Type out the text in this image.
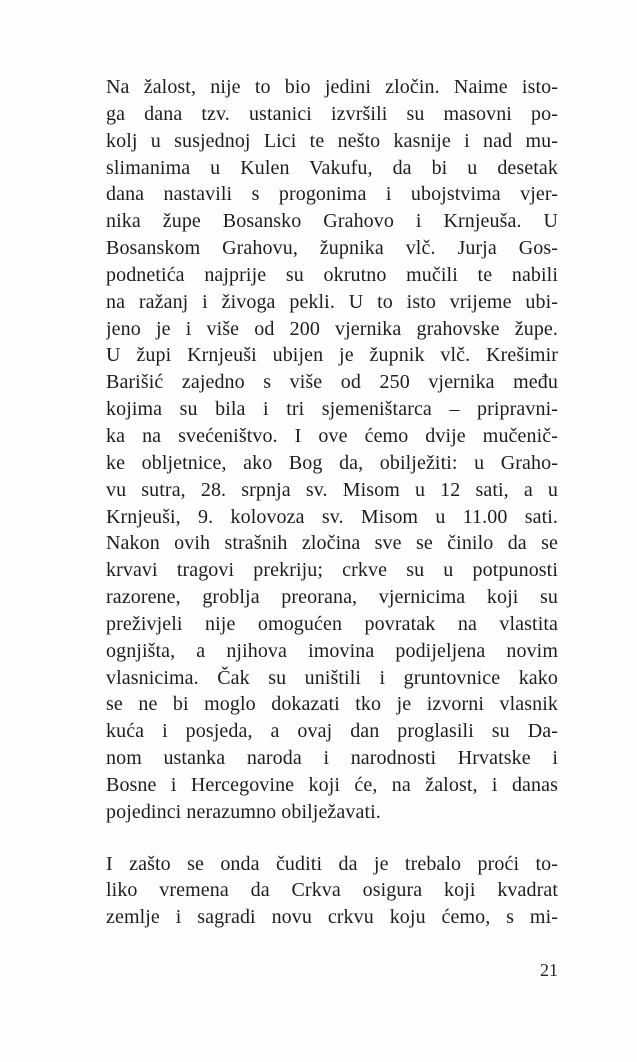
Na žalost, nije to bio jedini zločin. Naime isto-
ga dana tzv. ustanici izvršili su masovni po-
kolj u susjednoj Lici te nešto kasnije i nad mu-
slimanima u Kulen Vakufu, da bi u desetak
dana nastavili s progonima i ubojstvima vjer-
nika župe Bosansko Grahovo i Krnjeuša. U
Bosanskom Grahovu, župnika vlč. Jurja Gos-
podnetića najprije su okrutno mučili te nabili
na ražanj i živoga pekli. U to isto vrijeme ubi-
jeno je i više od 200 vjernika grahovske župe.
U župi Krnjeuši ubijen je župnik vlč. Krešimir
Barišić zajedno s više od 250 vjernika među
kojima su bila i tri sjemeništarca – pripravni-
ka na svećeništvo. I ove ćemo dvije mučenič-
ke obljetnice, ako Bog da, obilježiti: u Graho-
vu sutra, 28. srpnja sv. Misom u 12 sati, a u
Krnjeuši, 9. kolovoza sv. Misom u 11.00 sati.
Nakon ovih strašnih zločina sve se činilo da se
krvavi tragovi prekriju; crkve su u potpunosti
razorene, groblja preorana, vjernicima koji su
preživjeli nije omogućen povratak na vlastita
ognjišta, a njihova imovina podijeljena novim
vlasnicima. Čak su uništili i gruntovnice kako
se ne bi moglo dokazati tko je izvorni vlasnik
kuća i posjeda, a ovaj dan proglasili su Da-
nom ustanka naroda i narodnosti Hrvatske i
Bosne i Hercegovine koji će, na žalost, i danas
pojedinci nerazumno obilježavati.
I zašto se onda čuditi da je trebalo proći to-
liko vremena da Crkva osigura koji kvadrat
zemlje i sagradi novu crkvu koju ćemo, s mi-
21
